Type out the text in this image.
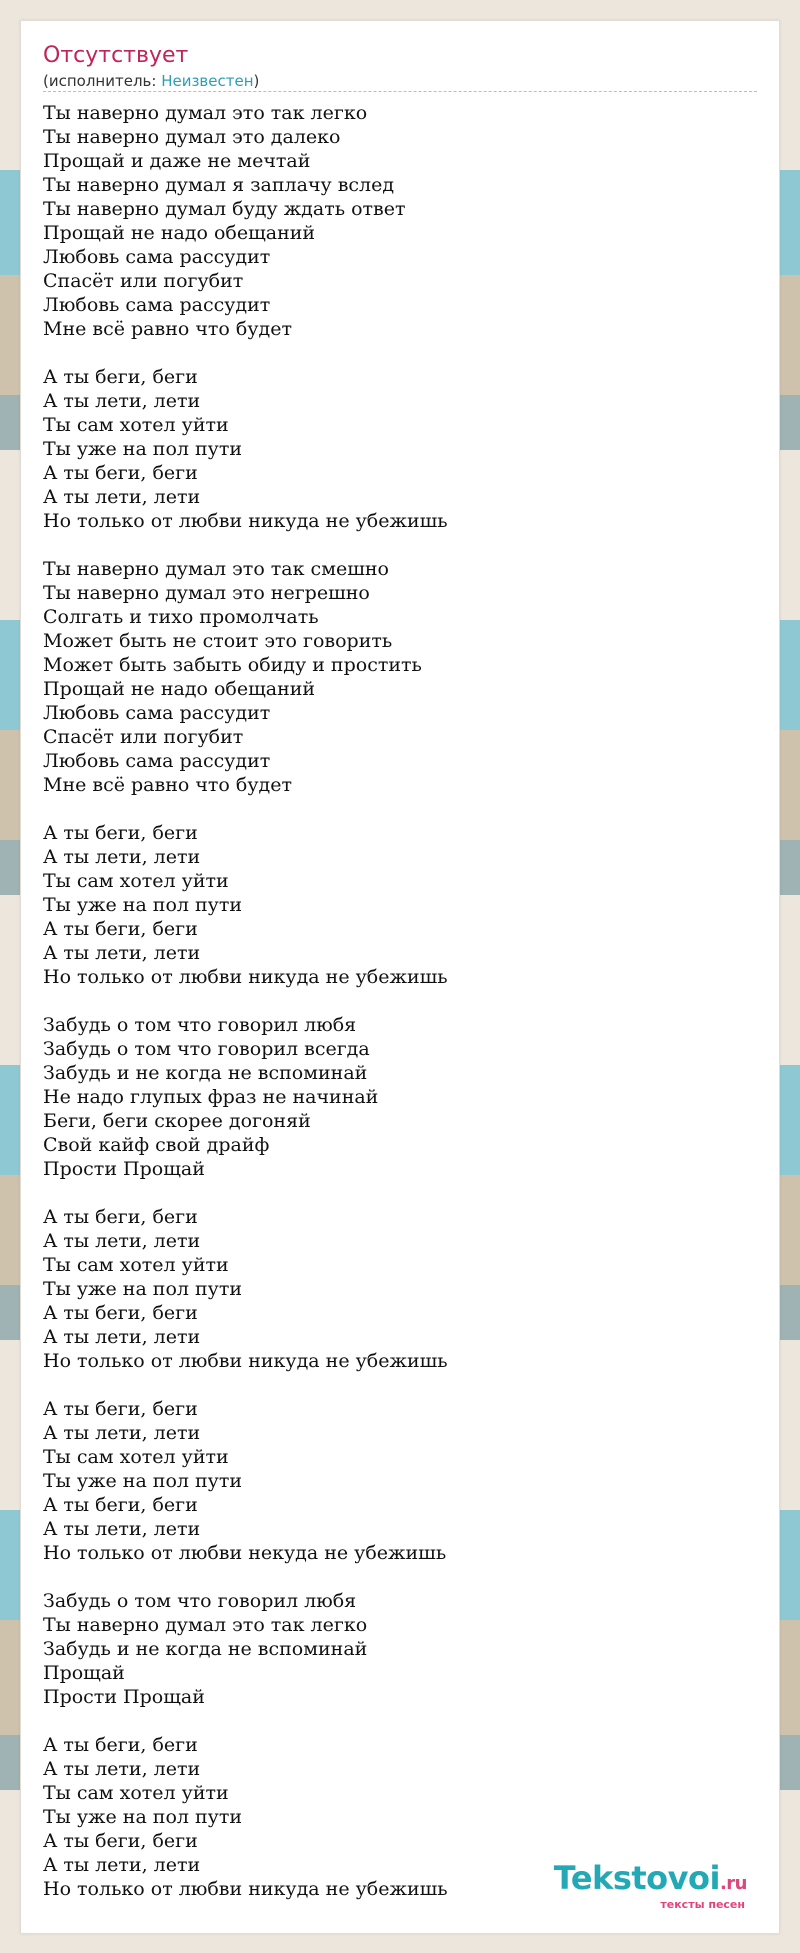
Отсутствует
(исполнитель: Неизвестен)
Ты наверно думал это так легко
Ты наверно думал это далеко
Прощай и даже не мечтай
Ты наверно думал я заплачу вслед
Ты наверно думал буду ждать ответ
Прощай не надо обещаний
Любовь сама рассудит
Спасёт или погубит
Любовь сама рассудит
Мне всё равно что будет
А ты беги, беги
А ты лети, лети
Ты сам хотел уйти
Ты уже на пол пути
А ты беги, беги
А ты лети, лети
Но только от любви никуда не убежишь
Ты наверно думал это так смешно
Ты наверно думал это негрешно
Солгать и тихо промолчать
Может быть не стоит это говорить
Может быть забыть обиду и простить
Прощай не надо обещаний
Любовь сама рассудит
Спасёт или погубит
Любовь сама рассудит
Мне всё равно что будет
А ты беги, беги
А ты лети, лети
Ты сам хотел уйти
Ты уже на пол пути
А ты беги, беги
А ты лети, лети
Но только от любви никуда не убежишь
Забудь о том что говорил любя
Забудь о том что говорил всегда
Забудь и не когда не вспоминай
Не надо глупых фраз не начинай
Беги, беги скорее догоняй
Свой кайф свой драйф
Прости Прощай
А ты беги, беги
А ты лети, лети
Ты сам хотел уйти
Ты уже на пол пути
А ты беги, беги
А ты лети, лети
Но только от любви никуда не убежишь
А ты беги, беги
А ты лети, лети
Ты сам хотел уйти
Ты уже на пол пути
А ты беги, беги
А ты лети, лети
Но только от любви некуда не убежишь
Забудь о том что говорил любя
Ты наверно думал это так легко
Забудь и не когда не вспоминай
Прощай
Прости Прощай
А ты беги, беги
А ты лети, лети
Ты сам хотел уйти
Ты уже на пол пути
А ты беги, беги
А ты лети, лети
Но только от любви никуда не убежишь	Tekstovoi.ru
тексты песен
